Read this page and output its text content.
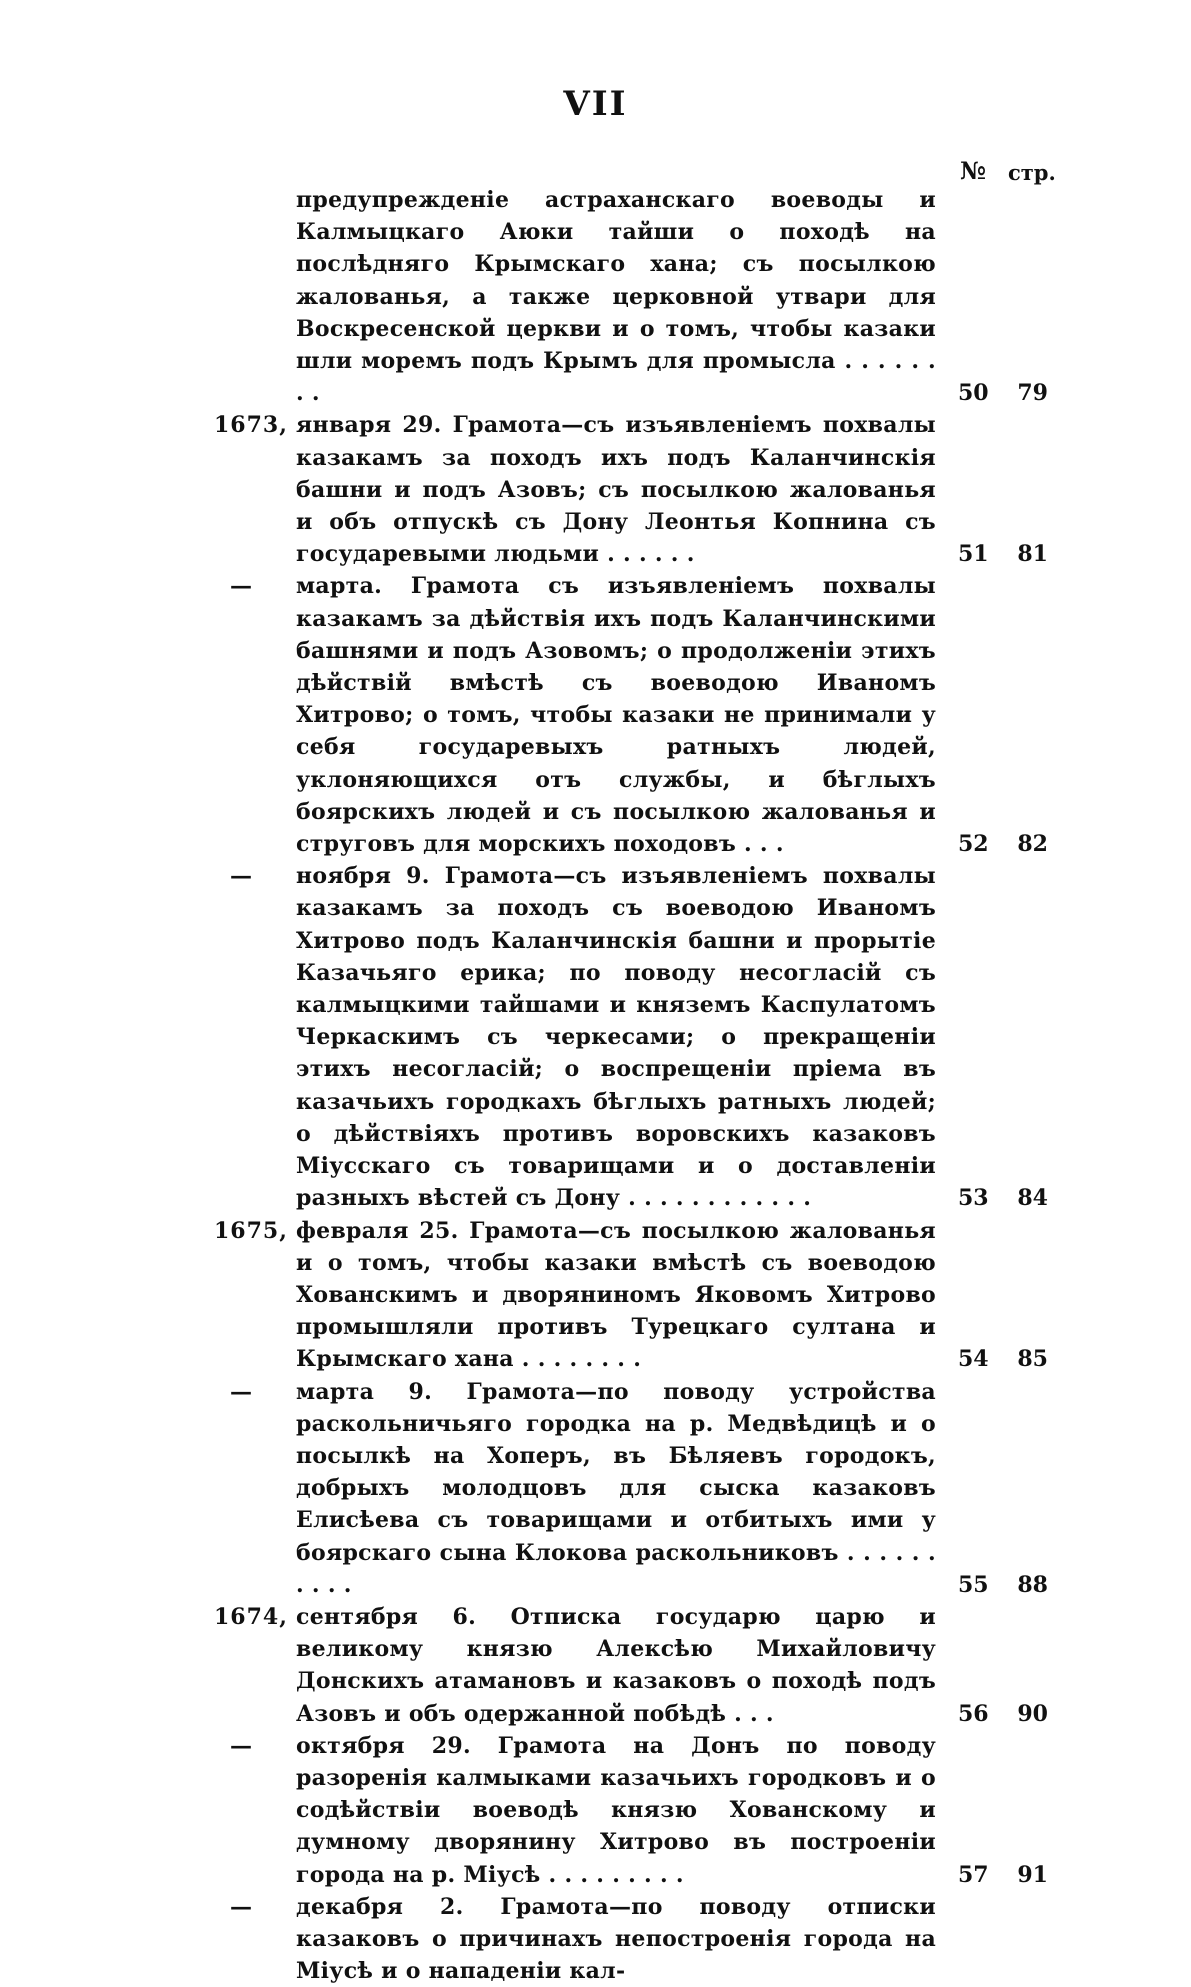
VII
№ стр.
предупрежденіе астраханскаго воеводы и Калмыцкаго Аюки тайши о походѣ на послѣдняго Крымскаго хана; съ посылкою жалованья, а также церковной утвари для Воскресенской церкви и о томъ, чтобы казаки шли моремъ подъ Крымъ для промысла . . . . . . . .	50 79
1673, января 29. Грамота—съ изъявленіемъ похвалы казакамъ за походъ ихъ подъ Каланчинскія башни и подъ Азовъ; съ посылкою жалованья и объ отпускѣ съ Дону Леонтья Копнина съ государевыми людьми . . . . . .	51 81
—	марта. Грамота съ изъявленіемъ похвалы казакамъ за дѣйствія ихъ подъ Каланчинскими башнями и подъ Азовомъ; о продолженіи этихъ дѣйствій вмѣстѣ съ воеводою Иваномъ Хитрово; о томъ, чтобы казаки не принимали у себя государевыхъ ратныхъ людей, уклоняющихся отъ службы, и бѣглыхъ боярскихъ людей и съ посылкою жалованья и струговъ для морскихъ походовъ . . .	52 82
—	ноября 9. Грамота—съ изъявленіемъ похвалы казакамъ за походъ съ воеводою Иваномъ Хитрово подъ Каланчинскія башни и прорытіе Казачьяго ерика; по поводу несогласій съ калмыцкими тайшами и княземъ Каспулатомъ Черкаскимъ съ черкесами; о прекращеніи этихъ несогласій; о воспрещеніи пріема въ казачьихъ городкахъ бѣглыхъ ратныхъ людей; о дѣйствіяхъ противъ воровскихъ казаковъ Міусскаго съ товарищами и о доставленіи разныхъ вѣстей съ Дону . . . . . . . . . . . .	53 84
1675, февраля 25. Грамота—съ посылкою жалованья и о томъ, чтобы казаки вмѣстѣ съ воеводою Хованскимъ и дворяниномъ Яковомъ Хитрово промышляли противъ Турецкаго султана и Крымскаго хана . . . . . . . .	54 85
—	марта 9. Грамота—по поводу устройства раскольничьяго городка на р. Медвѣдицѣ и о посылкѣ на Хоперъ, въ Бѣляевъ городокъ, добрыхъ молодцовъ для сыска казаковъ Елисѣева съ товарищами и отбитыхъ ими у боярскаго сына Клокова раскольниковъ . . . . . . . . . .	55 88
1674, сентября 6. Отписка государю царю и великому князю Алексѣю Михайловичу Донскихъ атамановъ и казаковъ о походѣ подъ Азовъ и объ одержанной побѣдѣ . . .	56 90
—	октября 29. Грамота на Донъ по поводу разоренія калмыками казачьихъ городковъ и о содѣйствіи воеводѣ князю Хованскому и думному дворянину Хитрово въ построеніи города на р. Міусѣ . . . . . . . . .	57 91
—	декабря 2. Грамота—по поводу отписки казаковъ о причинахъ непостроенія города на Міусѣ и о нападеніи кал-
